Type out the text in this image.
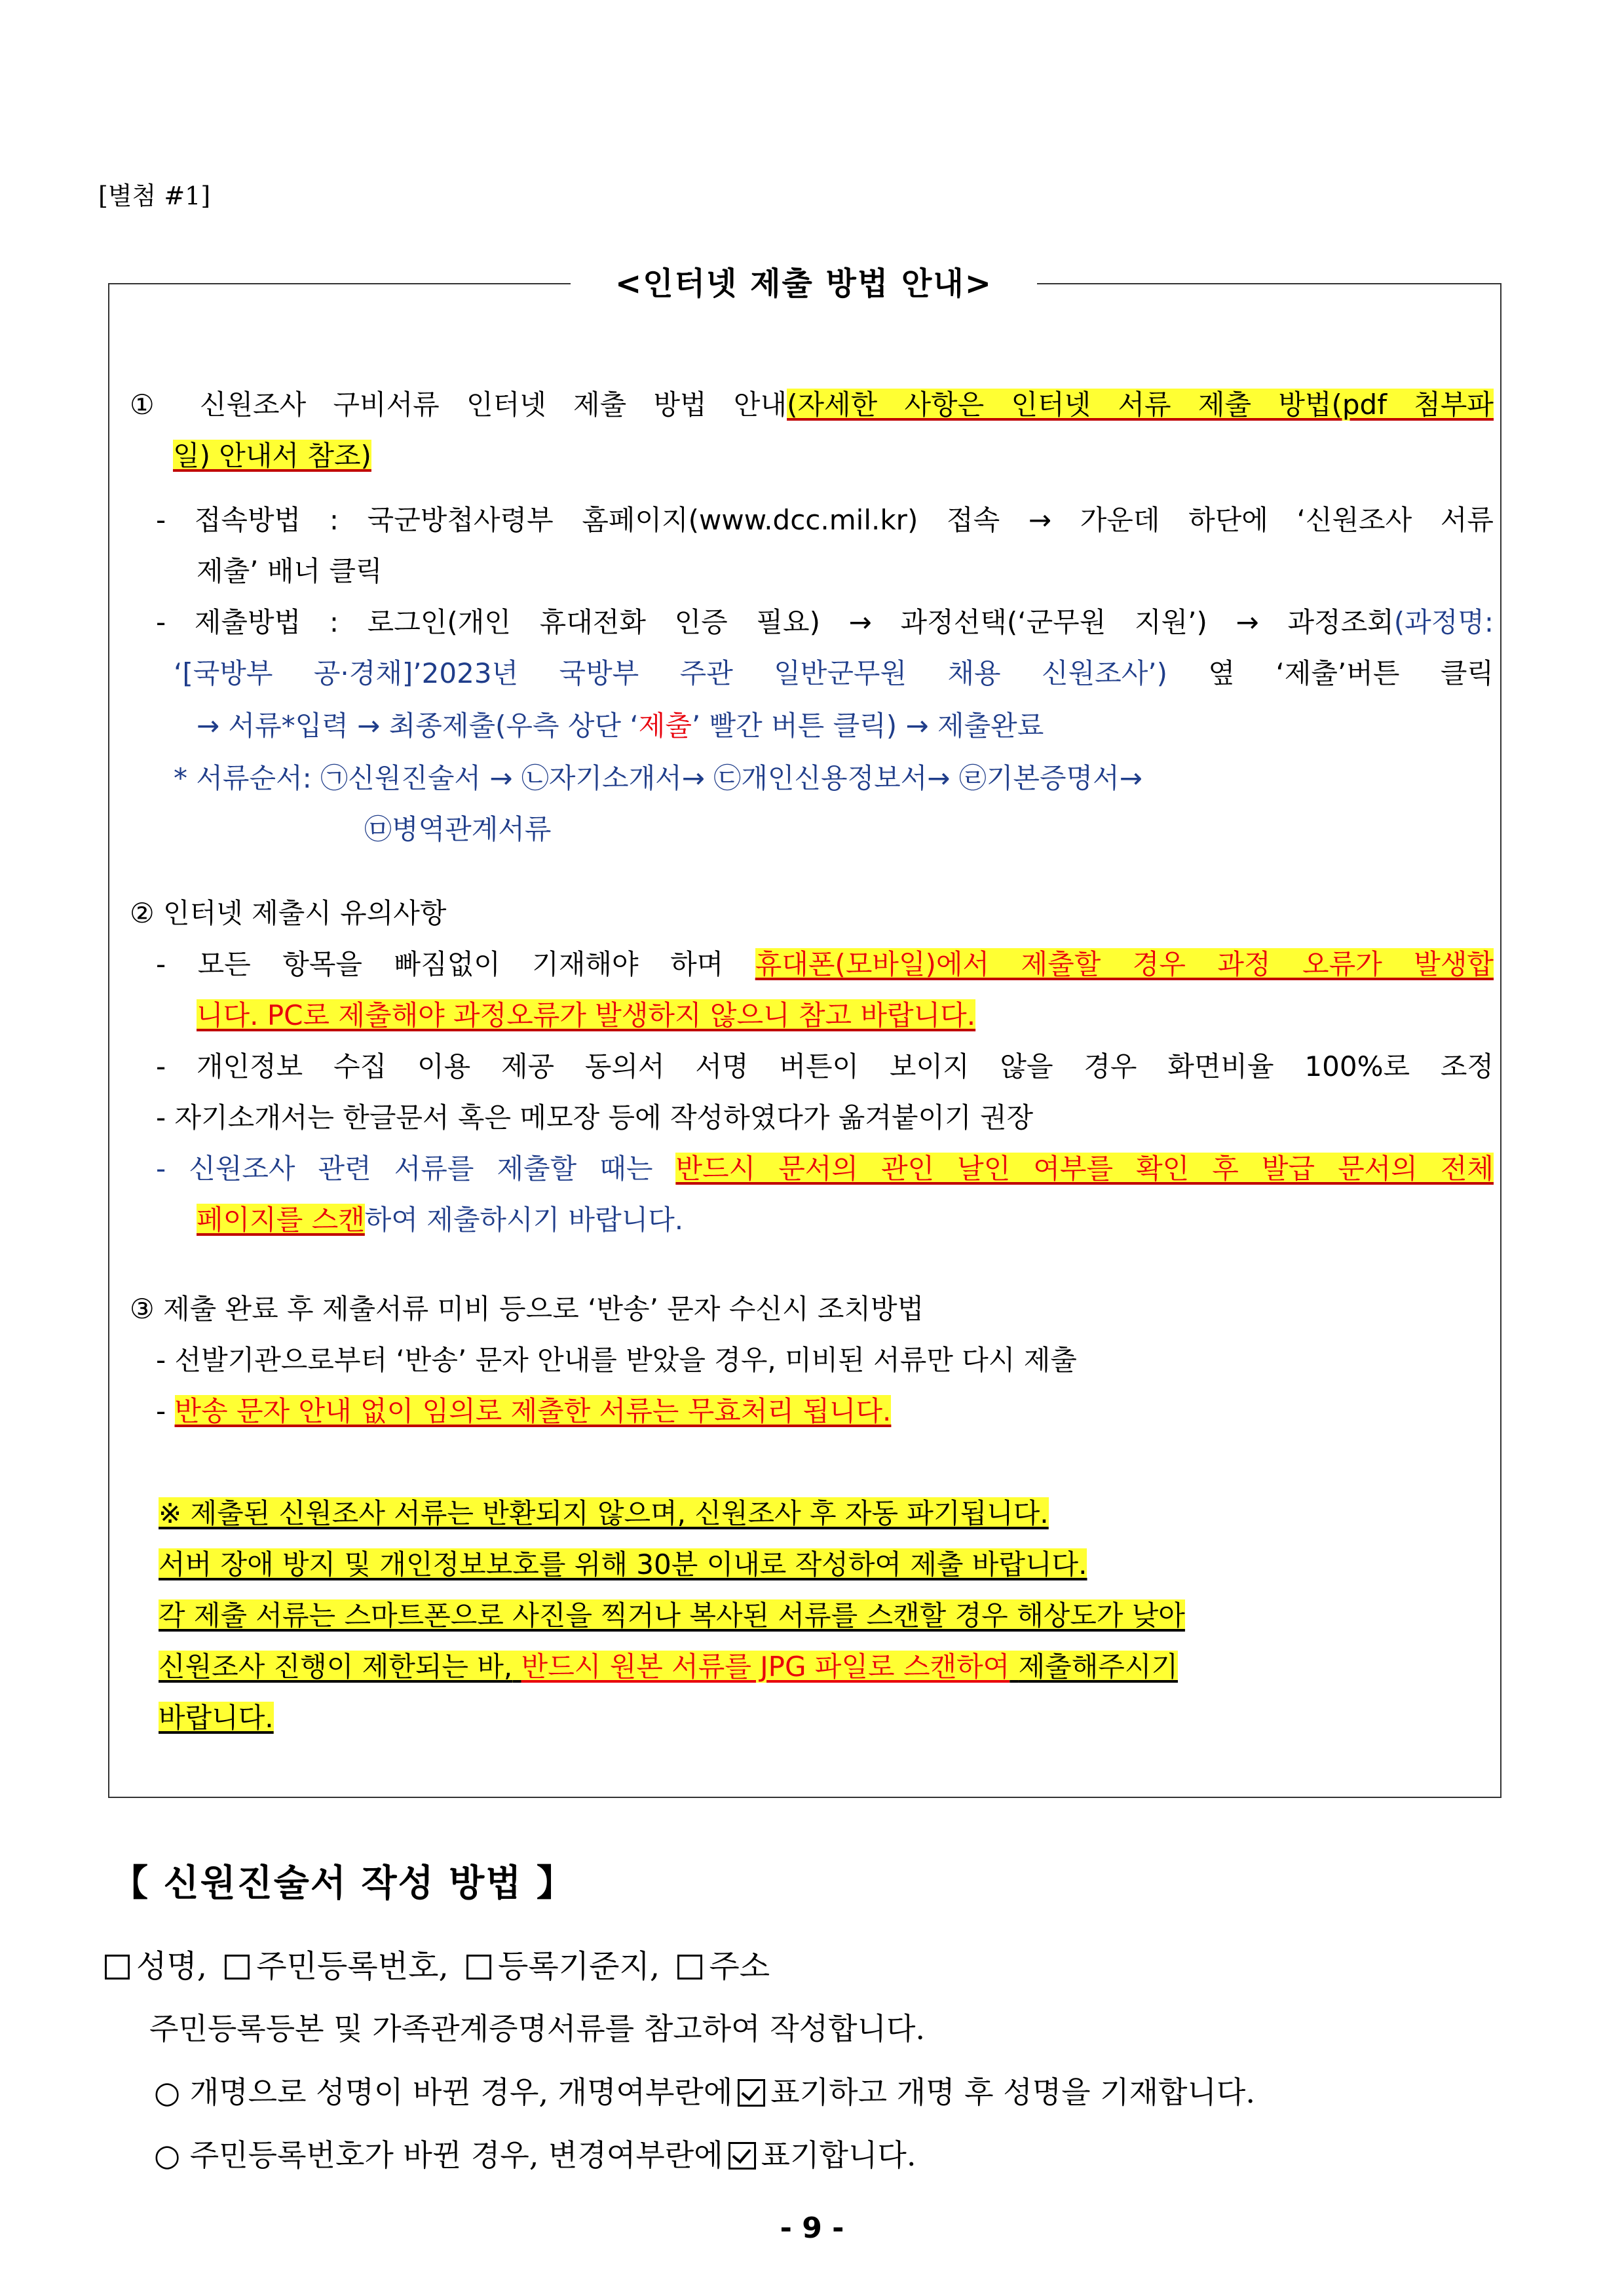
[별첨 #1]
<인터넷 제출 방법 안내>
① 신원조사 구비서류 인터넷 제출 방법 안내(자세한 사항은 인터넷 서류 제출 방법(pdf 첨부파
일) 안내서 참조)
- 접속방법 : 국군방첩사령부 홈페이지(www.dcc.mil.kr) 접속 → 가운데 하단에 ‘신원조사 서류
제출’ 배너 클릭
- 제출방법 : 로그인(개인 휴대전화 인증 필요) → 과정선택(‘군무원 지원’) → 과정조회(과정명:
‘[국방부 공·경채]’2023년 국방부 주관 일반군무원 채용 신원조사’) 옆 ‘제출’버튼 클릭
→ 서류*입력 → 최종제출(우측 상단 ‘제출’ 빨간 버튼 클릭) → 제출완료
* 서류순서: ㉠신원진술서 → ㉡자기소개서→ ㉢개인신용정보서→ ㉣기본증명서→
㉤병역관계서류
② 인터넷 제출시 유의사항
- 모든 항목을 빠짐없이 기재해야 하며 휴대폰(모바일)에서 제출할 경우 과정 오류가 발생합
니다. PC로 제출해야 과정오류가 발생하지 않으니 참고 바랍니다.
- 개인정보 수집 이용 제공 동의서 서명 버튼이 보이지 않을 경우 화면비율 100%로 조정
- 자기소개서는 한글문서 혹은 메모장 등에 작성하였다가 옮겨붙이기 권장
- 신원조사 관련 서류를 제출할 때는 반드시 문서의 관인 날인 여부를 확인 후 발급 문서의 전체
페이지를 스캔하여 제출하시기 바랍니다.
③ 제출 완료 후 제출서류 미비 등으로 ‘반송’ 문자 수신시 조치방법
- 선발기관으로부터 ‘반송’ 문자 안내를 받았을 경우, 미비된 서류만 다시 제출
- 반송 문자 안내 없이 임의로 제출한 서류는 무효처리 됩니다.
※ 제출된 신원조사 서류는 반환되지 않으며, 신원조사 후 자동 파기됩니다.
서버 장애 방지 및 개인정보보호를 위해 30분 이내로 작성하여 제출 바랍니다.
각 제출 서류는 스마트폰으로 사진을 찍거나 복사된 서류를 스캔할 경우 해상도가 낮아
신원조사 진행이 제한되는 바, 반드시 원본 서류를 JPG 파일로 스캔하여 제출해주시기
바랍니다.
【 신원진술서 작성 방법 】
성명, 주민등록번호, 등록기준지, 주소
주민등록등본 및 가족관계증명서류를 참고하여 작성합니다.
○ 개명으로 성명이 바뀐 경우, 개명여부란에 표기하고 개명 후 성명을 기재합니다.
○ 주민등록번호가 바뀐 경우, 변경여부란에 표기합니다.
- 9 -
